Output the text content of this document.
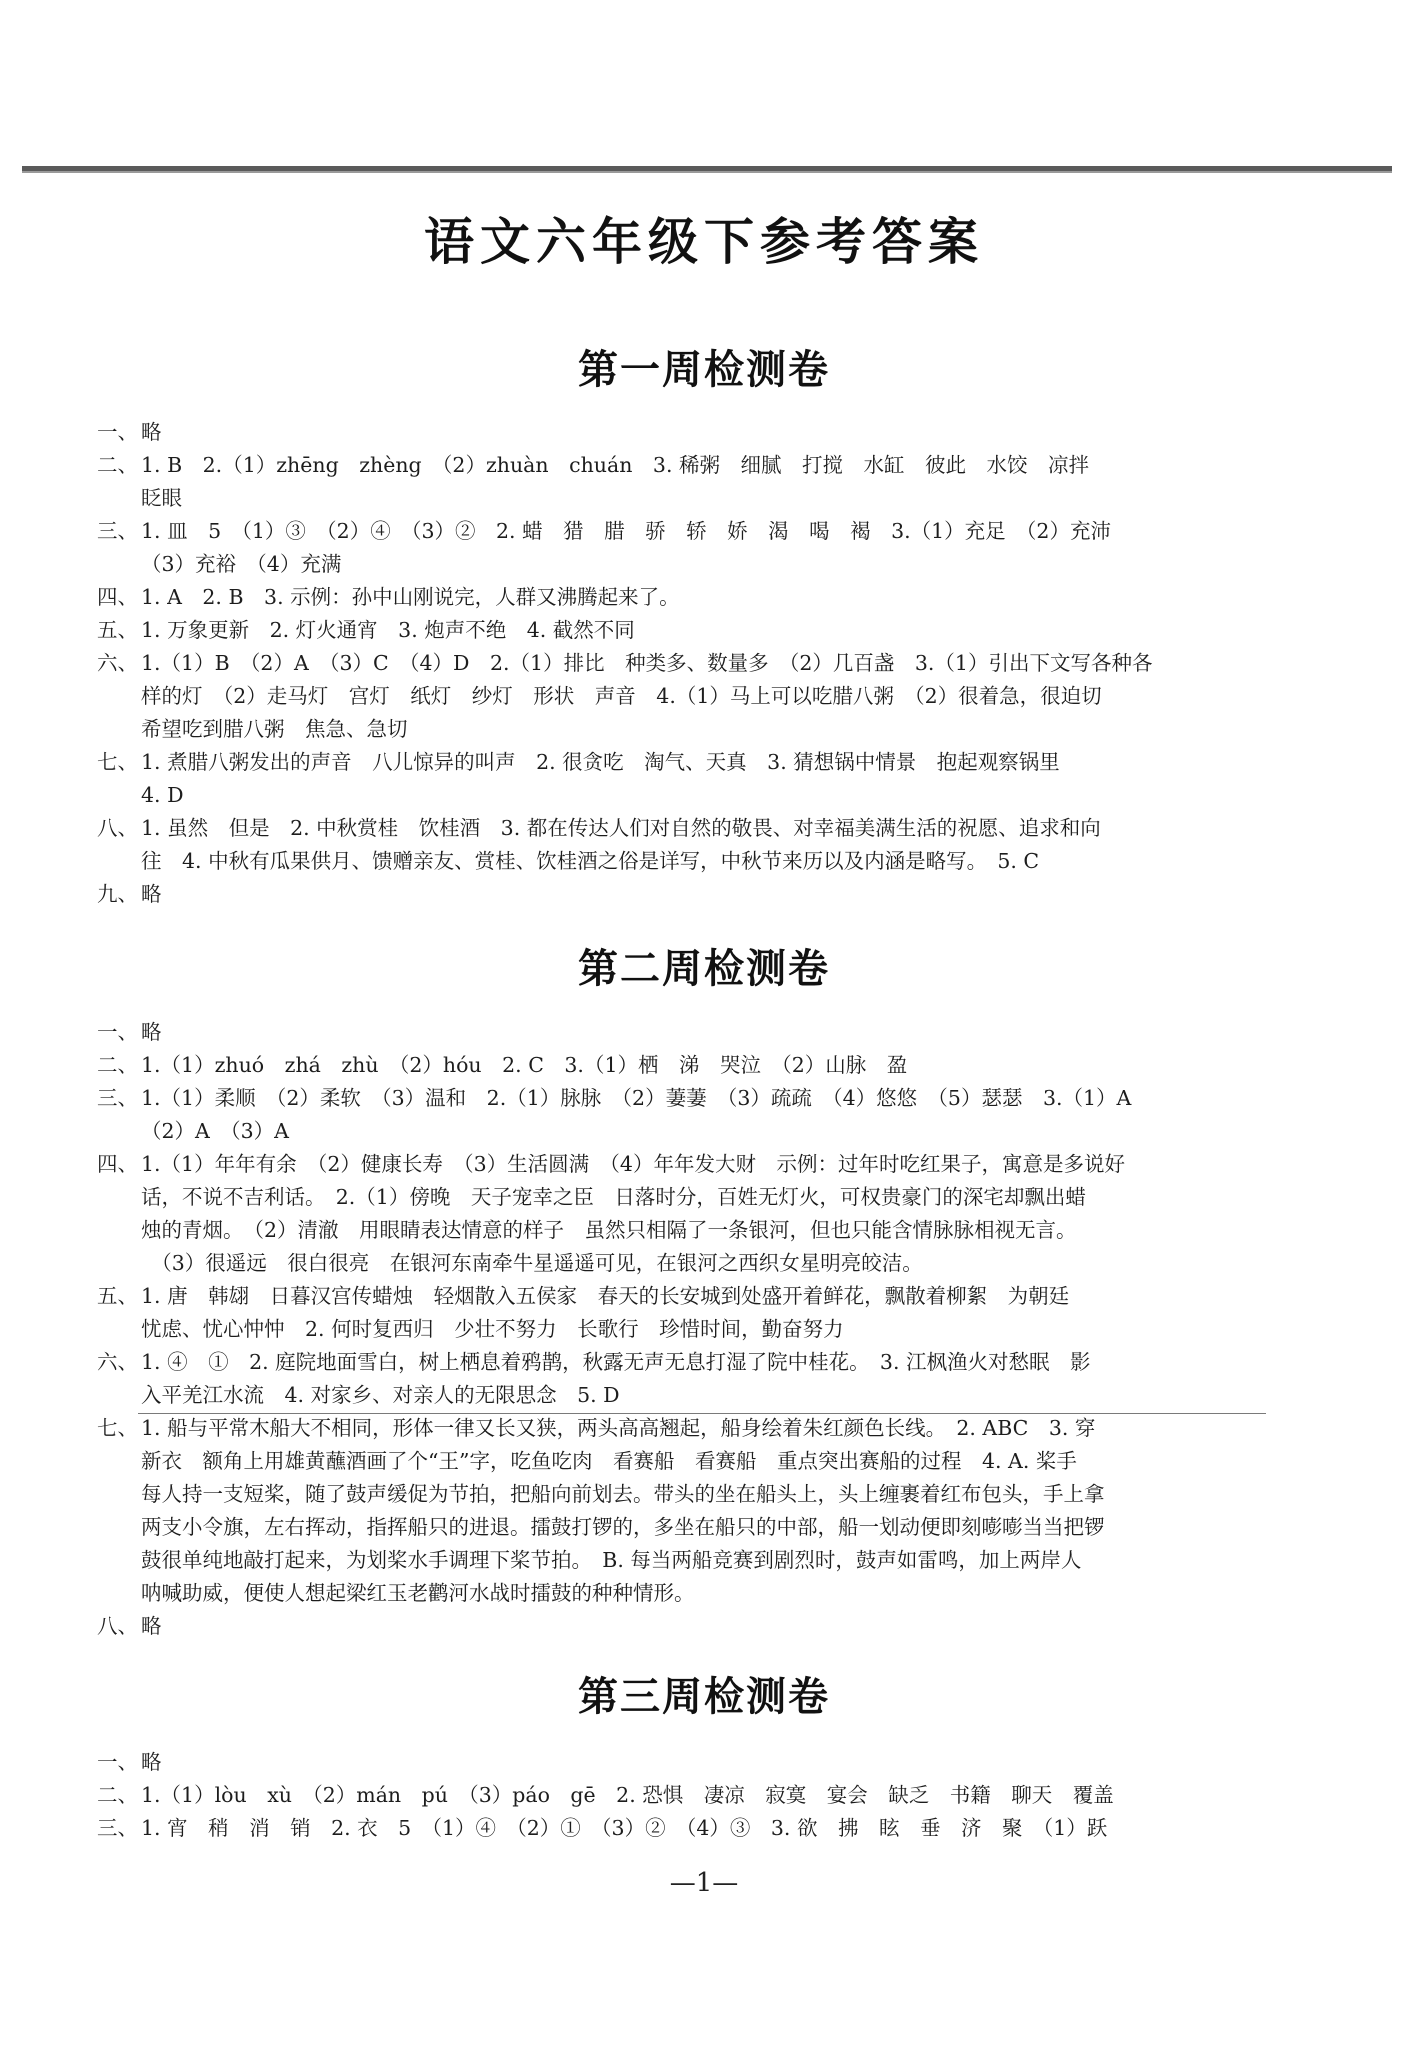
语文六年级下参考答案
第一周检测卷
一、 略
二、 1. B　2.（1）zhēng　zhèng　（2）zhuàn　chuán　3. 稀粥　细腻　打搅　水缸　彼此　水饺　凉拌
眨眼
三、 1. 皿　5　（1）③　（2）④　（3）②　2. 蜡　猎　腊　骄　轿　娇　渴　喝　褐　3.（1）充足　（2）充沛
（3）充裕　（4）充满
四、 1. A　2. B　3. 示例：孙中山刚说完，人群又沸腾起来了。
五、 1. 万象更新　2. 灯火通宵　3. 炮声不绝　4. 截然不同
六、 1.（1）B　（2）A　（3）C　（4）D　2.（1）排比　种类多、数量多　（2）几百盏　3.（1）引出下文写各种各
样的灯　（2）走马灯　宫灯　纸灯　纱灯　形状　声音　4.（1）马上可以吃腊八粥　（2）很着急，很迫切
希望吃到腊八粥　焦急、急切
七、 1. 煮腊八粥发出的声音　八儿惊异的叫声　2. 很贪吃　淘气、天真　3. 猜想锅中情景　抱起观察锅里
4. D
八、 1. 虽然　但是　2. 中秋赏桂　饮桂酒　3. 都在传达人们对自然的敬畏、对幸福美满生活的祝愿、追求和向
往　4. 中秋有瓜果供月、馈赠亲友、赏桂、饮桂酒之俗是详写，中秋节来历以及内涵是略写。　5. C
九、 略
第二周检测卷
一、 略
二、 1.（1）zhuó　zhá　zhù　（2）hóu　2. C　3.（1）栖　涕　哭泣　（2）山脉　盈
三、 1.（1）柔顺　（2）柔软　（3）温和　2.（1）脉脉　（2）萋萋　（3）疏疏　（4）悠悠　（5）瑟瑟　3.（1）A
（2）A　（3）A
四、 1.（1）年年有余　（2）健康长寿　（3）生活圆满　（4）年年发大财　示例：过年时吃红果子，寓意是多说好
话，不说不吉利话。　2.（1）傍晚　天子宠幸之臣　日落时分，百姓无灯火，可权贵豪门的深宅却飘出蜡
烛的青烟。　（2）清澈　用眼睛表达情意的样子　虽然只相隔了一条银河，但也只能含情脉脉相视无言。
　（3）很遥远　很白很亮　在银河东南牵牛星遥遥可见，在银河之西织女星明亮皎洁。
五、 1. 唐　韩翃　日暮汉宫传蜡烛　轻烟散入五侯家　春天的长安城到处盛开着鲜花，飘散着柳絮　为朝廷
忧虑、忧心忡忡　2. 何时复西归　少壮不努力　长歌行　珍惜时间，勤奋努力
六、 1. ④　①　2. 庭院地面雪白，树上栖息着鸦鹊，秋露无声无息打湿了院中桂花。　3. 江枫渔火对愁眠　影
入平羌江水流　4. 对家乡、对亲人的无限思念　5. D
七、 1. 船与平常木船大不相同，形体一律又长又狭，两头高高翘起，船身绘着朱红颜色长线。　2. ABC　3. 穿
新衣　额角上用雄黄蘸酒画了个“王”字，吃鱼吃肉　看赛船　看赛船　重点突出赛船的过程　4. A. 桨手
每人持一支短桨，随了鼓声缓促为节拍，把船向前划去。带头的坐在船头上，头上缠裹着红布包头，手上拿
两支小令旗，左右挥动，指挥船只的进退。擂鼓打锣的，多坐在船只的中部，船一划动便即刻嘭嘭当当把锣
鼓很单纯地敲打起来，为划桨水手调理下桨节拍。　B. 每当两船竞赛到剧烈时，鼓声如雷鸣，加上两岸人
呐喊助威，便使人想起梁红玉老鹳河水战时擂鼓的种种情形。
八、 略
第三周检测卷
一、 略
二、 1.（1）lòu　xù　（2）mán　pú　（3）páo　gē　2. 恐惧　凄凉　寂寞　宴会　缺乏　书籍　聊天　覆盖
三、 1. 宵　稍　消　销　2. 衣　5　（1）④　（2）①　（3）②　（4）③　3. 欲　拂　眩　垂　济　聚　（1）跃
—1—
